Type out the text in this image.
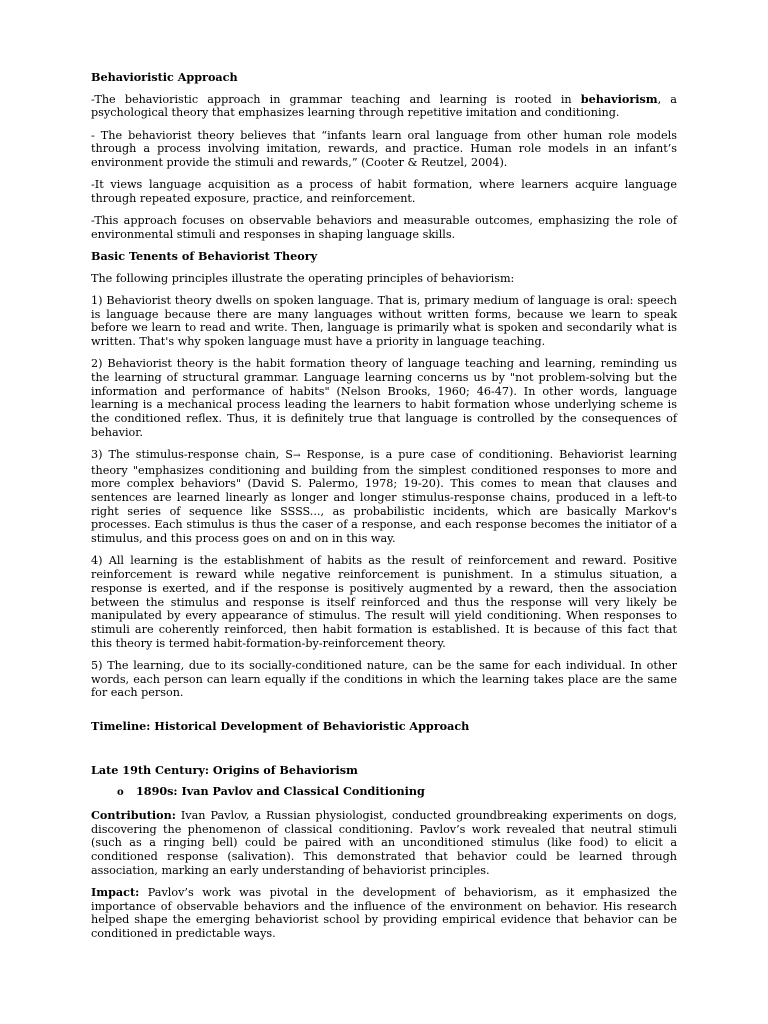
Behavioristic Approach

-The behavioristic approach in grammar teaching and learning is rooted in behaviorism, a psychological theory that emphasizes learning through repetitive imitation and conditioning.

- The behaviorist theory believes that “infants learn oral language from other human role models through a process involving imitation, rewards, and practice. Human role models in an infant’s environment provide the stimuli and rewards,” (Cooter & Reutzel, 2004).

-It views language acquisition as a process of habit formation, where learners acquire language through repeated exposure, practice, and reinforcement.

-This approach focuses on observable behaviors and measurable outcomes, emphasizing the role of environmental stimuli and responses in shaping language skills.

Basic Tenents of Behaviorist Theory

The following principles illustrate the operating principles of behaviorism:

1) Behaviorist theory dwells on spoken language. That is, primary medium of language is oral: speech is language because there are many languages without written forms, because we learn to speak before we learn to read and write. Then, language is primarily what is spoken and secondarily what is written. That's why spoken language must have a priority in language teaching.

2) Behaviorist theory is the habit formation theory of language teaching and learning, reminding us the learning of structural grammar. Language learning concerns us by "not problem-solving but the information and performance of habits" (Nelson Brooks, 1960; 46-47). In other words, language learning is a mechanical process leading the learners to habit formation whose underlying scheme is the conditioned reflex. Thus, it is definitely true that language is controlled by the consequences of behavior.

3) The stimulus-response chain, S→ Response, is a pure case of conditioning. Behaviorist learning theory "emphasizes conditioning and building from the simplest conditioned responses to more and more complex behaviors" (David S. Palermo, 1978; 19-20). This comes to mean that clauses and sentences are learned linearly as longer and longer stimulus-response chains, produced in a left-to right series of sequence like SSSS..., as probabilistic incidents, which are basically Markov's processes. Each stimulus is thus the caser of a response, and each response becomes the initiator of a stimulus, and this process goes on and on in this way.

4) All learning is the establishment of habits as the result of reinforcement and reward. Positive reinforcement is reward while negative reinforcement is punishment. In a stimulus situation, a response is exerted, and if the response is positively augmented by a reward, then the association between the stimulus and response is itself reinforced and thus the response will very likely be manipulated by every appearance of stimulus. The result will yield conditioning. When responses to stimuli are coherently reinforced, then habit formation is established. It is because of this fact that this theory is termed habit-formation-by-reinforcement theory.

5) The learning, due to its socially-conditioned nature, can be the same for each individual. In other words, each person can learn equally if the conditions in which the learning takes place are the same for each person.

Timeline: Historical Development of Behavioristic Approach

Late 19th Century: Origins of Behaviorism

o	1890s: Ivan Pavlov and Classical Conditioning

Contribution: Ivan Pavlov, a Russian physiologist, conducted groundbreaking experiments on dogs, discovering the phenomenon of classical conditioning. Pavlov’s work revealed that neutral stimuli (such as a ringing bell) could be paired with an unconditioned stimulus (like food) to elicit a conditioned response (salivation). This demonstrated that behavior could be learned through association, marking an early understanding of behaviorist principles.

Impact: Pavlov’s work was pivotal in the development of behaviorism, as it emphasized the importance of observable behaviors and the influence of the environment on behavior. His research helped shape the emerging behaviorist school by providing empirical evidence that behavior can be conditioned in predictable ways.
